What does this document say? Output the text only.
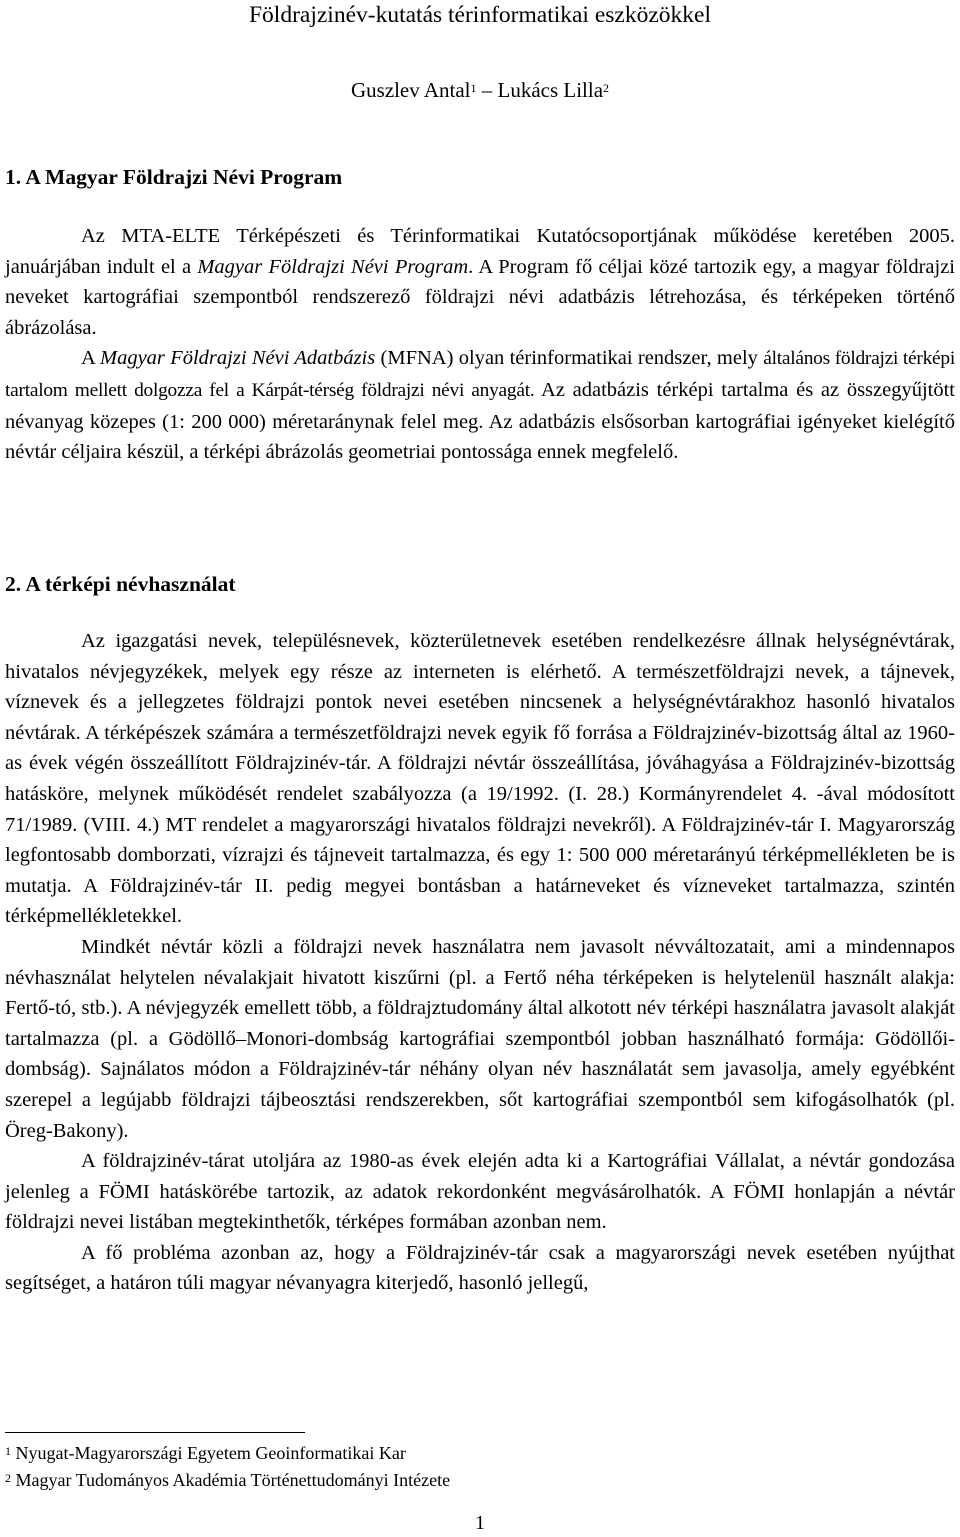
Földrajzinév-kutatás térinformatikai eszközökkel
Guszlev Antal$^1$ – Lukács Lilla$^2$
1. A Magyar Földrajzi Névi Program

Az MTA-ELTE Térképészeti és Térinformatikai Kutatócsoportjának működése keretében 2005. januárjában indult el a Magyar Földrajzi Névi Program. A Program fő céljai közé tartozik egy, a magyar földrajzi neveket kartográfiai szempontból rendszerező földrajzi névi adatbázis létrehozása, és térképeken történő ábrázolása.

A Magyar Földrajzi Névi Adatbázis (MFNA) olyan térinformatikai rendszer, mely általános földrajzi térképi tartalom mellett dolgozza fel a Kárpát-térség földrajzi névi anyagát. Az adatbázis térképi tartalma és az összegyűjtött névanyag közepes (1: 200 000) méretaránynak felel meg. Az adatbázis elsősorban kartográfiai igényeket kielégítő névtár céljaira készül, a térképi ábrázolás geometriai pontossága ennek megfelelő.

2. A térképi névhasználat

Az igazgatási nevek, településnevek, közterületnevek esetében rendelkezésre állnak helységnévtárak, hivatalos névjegyzékek, melyek egy része az interneten is elérhető. A természetföldrajzi nevek, a tájnevek, víznevek és a jellegzetes földrajzi pontok nevei esetében nincsenek a helységnévtárakhoz hasonló hivatalos névtárak. A térképészek számára a természetföldrajzi nevek egyik fő forrása a Földrajzinév-bizottság által az 1960-as évek végén összeállított Földrajzinév-tár. A földrajzi névtár összeállítása, jóváhagyása a Földrajzinév-bizottság hatásköre, melynek működését rendelet szabályozza (a 19/1992. (I. 28.) Kormányrendelet 4. -ával módosított 71/1989. (VIII. 4.) MT rendelet a magyarországi hivatalos földrajzi nevekről). A Földrajzinév-tár I. Magyarország legfontosabb domborzati, vízrajzi és tájneveit tartalmazza, és egy 1: 500 000 méretarányú térképmellékleten be is mutatja. A Földrajzinév-tár II. pedig megyei bontásban a határneveket és vízneveket tartalmazza, szintén térképmellékletekkel.

Mindkét névtár közli a földrajzi nevek használatra nem javasolt névváltozatait, ami a mindennapos névhasználat helytelen névalakjait hivatott kiszűrni (pl. a Fertő néha térképeken is helytelenül használt alakja: Fertő-tó, stb.). A névjegyzék emellett több, a földrajztudomány által alkotott név térképi használatra javasolt alakját tartalmazza (pl. a Gödöllő–Monori-dombság kartográfiai szempontból jobban használható formája: Gödöllői-dombság). Sajnálatos módon a Földrajzinév-tár néhány olyan név használatát sem javasolja, amely egyébként szerepel a legújabb földrajzi tájbeosztási rendszerekben, sőt kartográfiai szempontból sem kifogásolhatók (pl. Öreg-Bakony).

A földrajzinév-tárat utoljára az 1980-as évek elején adta ki a Kartográfiai Vállalat, a névtár gondozása jelenleg a FÖMI hatáskörébe tartozik, az adatok rekordonként megvásárolhatók. A FÖMI honlapján a névtár földrajzi nevei listában megtekinthetők, térképes formában azonban nem.

A fő probléma azonban az, hogy a Földrajzinév-tár csak a magyarországi nevek esetében nyújthat segítséget, a határon túli magyar névanyagra kiterjedő, hasonló jellegű,

$^1$ Nyugat-Magyarországi Egyetem Geoinformatikai Kar
$^2$ Magyar Tudományos Akadémia Történettudományi Intézete
1
